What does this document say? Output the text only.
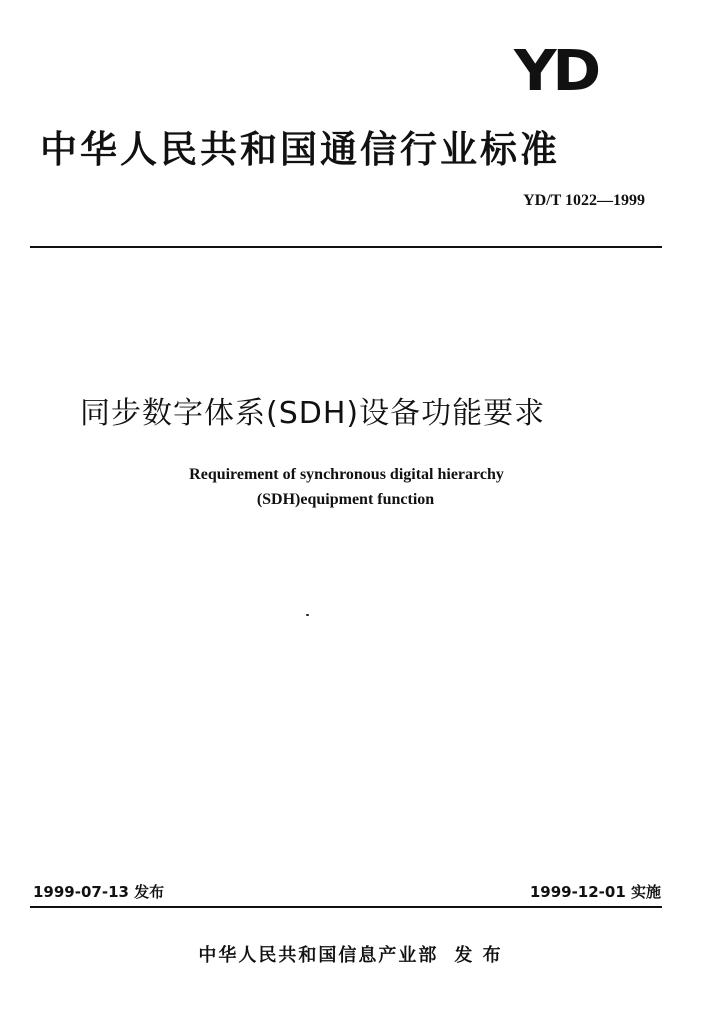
YD
中华人民共和国通信行业标准
YD/T 1022—1999
同步数字体系(SDH)设备功能要求
Requirement of synchronous digital hierarchy
(SDH)equipment function
1999-07-13 发布	1999-12-01 实施
中华人民共和国信息产业部 发 布
